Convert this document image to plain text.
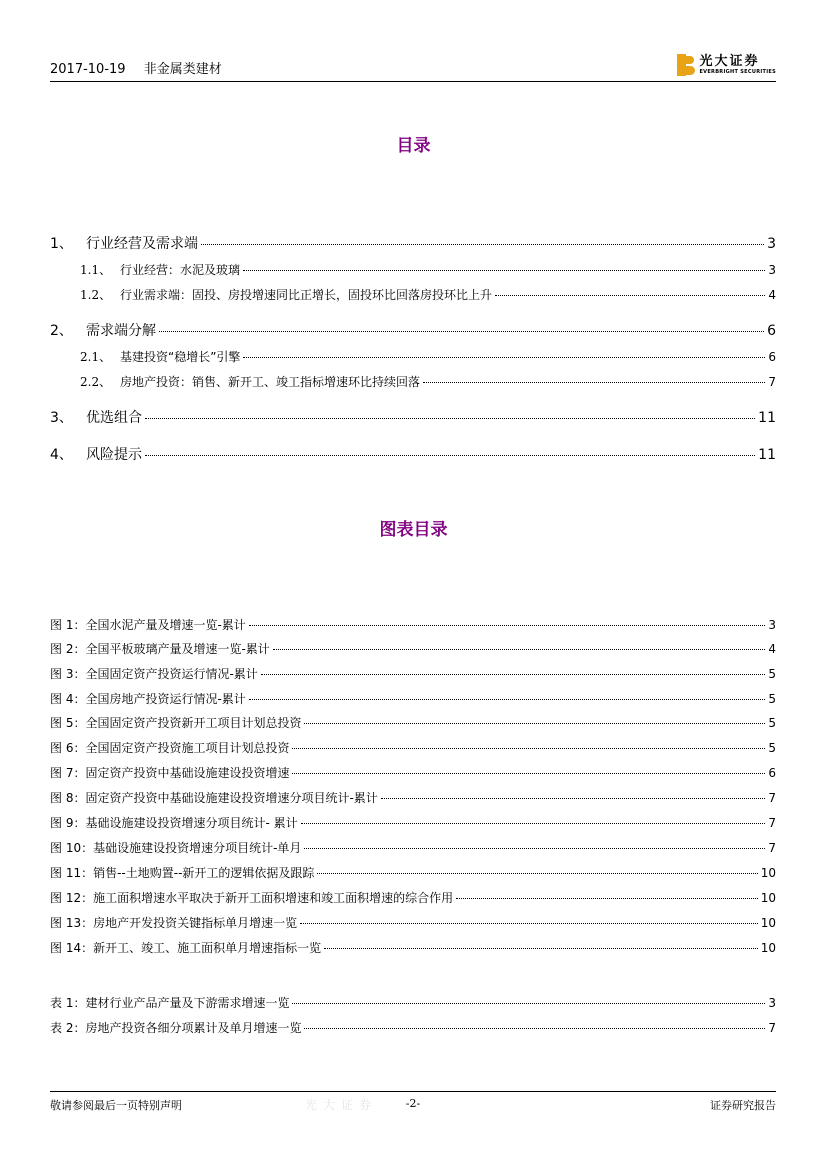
2017-10-19 非金属类建材
光大证券
EVERBRIGHT SECURITIES
目录
1、 行业经营及需求端	3
1.1、 行业经营：水泥及玻璃	3
1.2、 行业需求端：固投、房投增速同比正增长，固投环比回落房投环比上升	4
2、 需求端分解	6
2.1、 基建投资“稳增长”引擎	6
2.2、 房地产投资：销售、新开工、竣工指标增速环比持续回落	7
3、 优选组合	11
4、 风险提示	11
图表目录
图 1：全国水泥产量及增速一览-累计	3
图 2：全国平板玻璃产量及增速一览-累计	4
图 3：全国固定资产投资运行情况-累计	5
图 4：全国房地产投资运行情况-累计	5
图 5：全国固定资产投资新开工项目计划总投资	5
图 6：全国固定资产投资施工项目计划总投资	5
图 7：固定资产投资中基础设施建设投资增速	6
图 8：固定资产投资中基础设施建设投资增速分项目统计-累计	7
图 9：基础设施建设投资增速分项目统计- 累计	7
图 10：基础设施建设投资增速分项目统计-单月	7
图 11：销售--土地购置--新开工的逻辑依据及跟踪	10
图 12：施工面积增速水平取决于新开工面积增速和竣工面积增速的综合作用	10
图 13：房地产开发投资关键指标单月增速一览	10
图 14：新开工、竣工、施工面积单月增速指标一览	10
表 1：建材行业产品产量及下游需求增速一览	3
表 2：房地产投资各细分项累计及单月增速一览	7
光大证券
敬请参阅最后一页特别声明	-2-	证券研究报告
